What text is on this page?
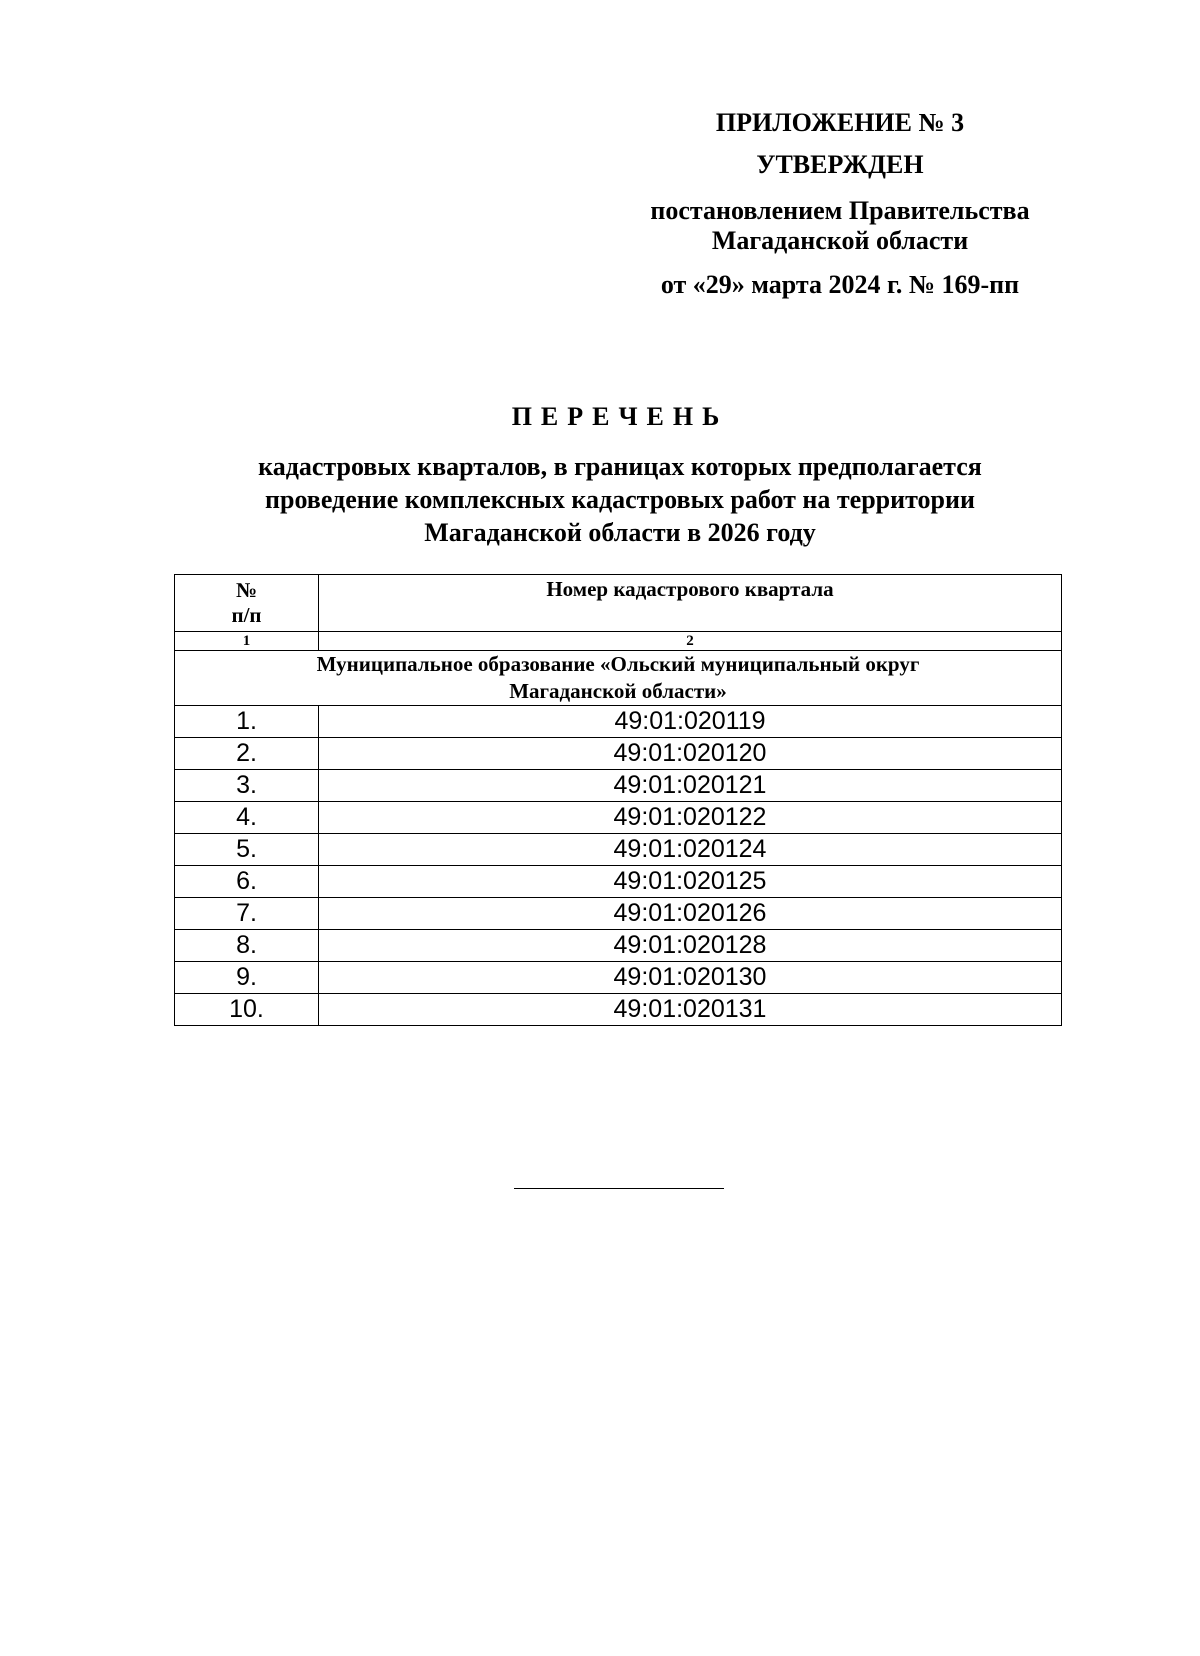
ПРИЛОЖЕНИЕ № 3
УТВЕРЖДЕН
постановлением Правительства
Магаданской области
от «29» марта 2024 г. № 169-пп
ПЕРЕЧЕНЬ
кадастровых кварталов, в границах которых предполагается
проведение комплексных кадастровых работ на территории
Магаданской области в 2026 году
№
п/п	Номер кадастрового квартала
1	2

Муниципальное образование «Ольский муниципальный округ
Магаданской области»	

1.	49:01:020119
2.	49:01:020120
3.	49:01:020121
4.	49:01:020122
5.	49:01:020124
6.	49:01:020125
7.	49:01:020126
8.	49:01:020128
9.	49:01:020130
10.	49:01:020131
